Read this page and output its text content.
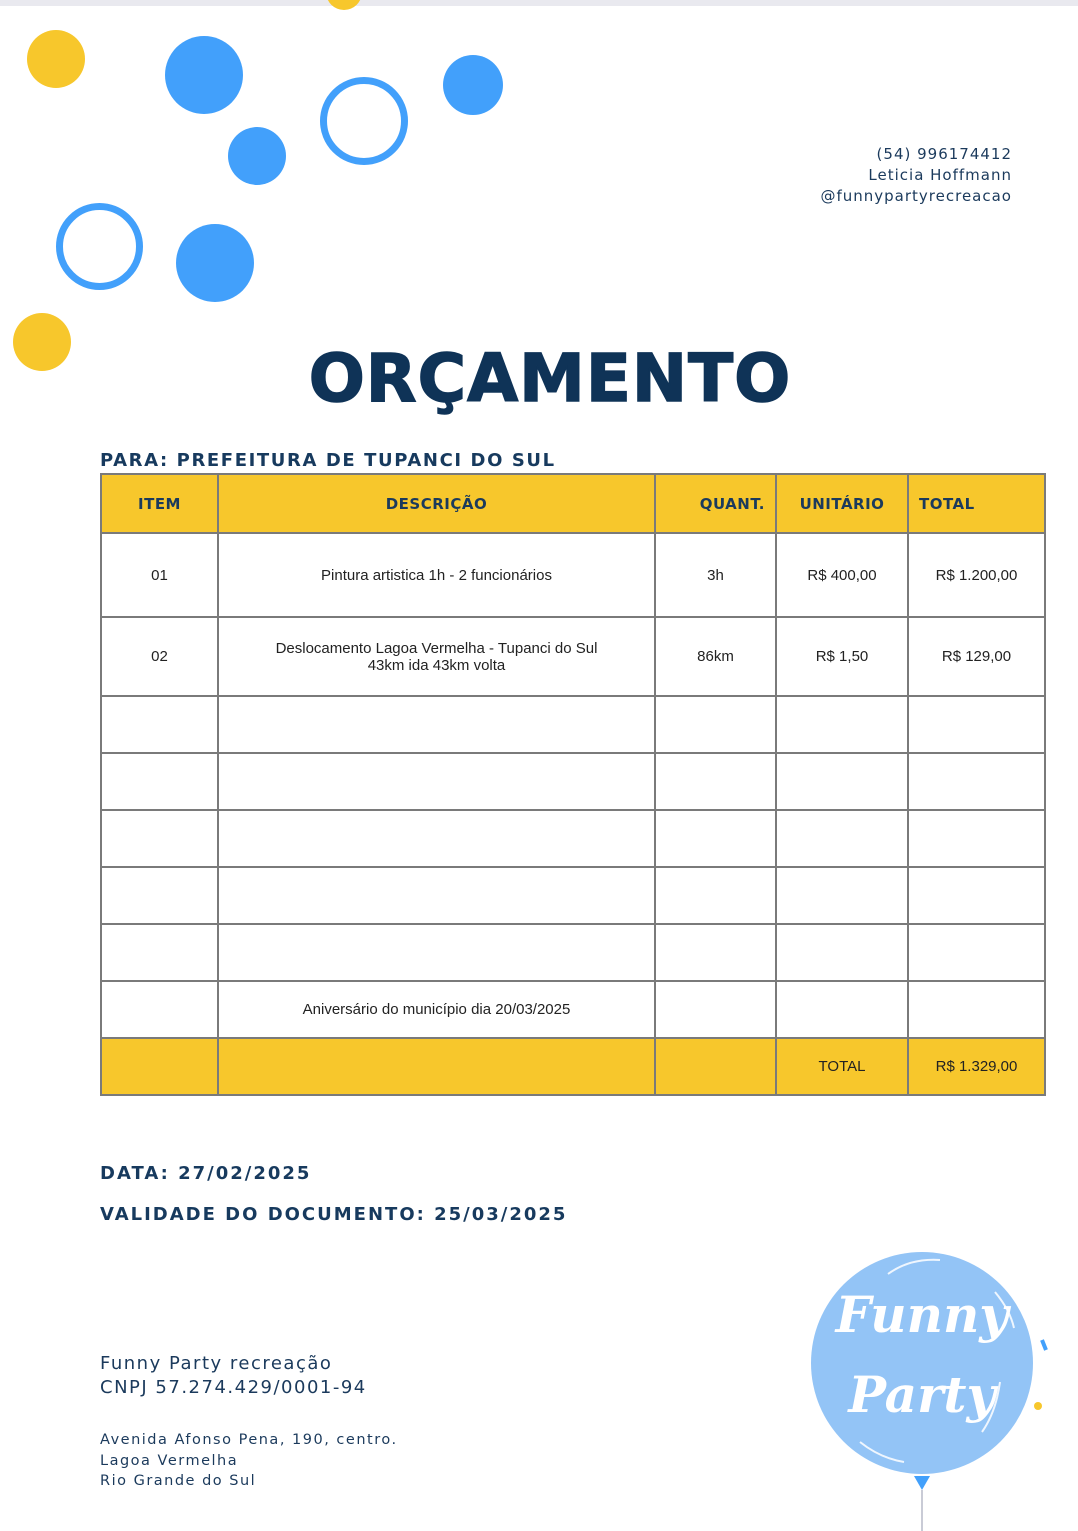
(54) 996174412
Leticia Hoffmann
@funnypartyrecreacao
ORÇAMENTO
PARA: PREFEITURA DE TUPANCI DO SUL
ITEM	DESCRIÇÃO	QUANT.	UNITÁRIO	TOTAL
01	Pintura artistica 1h - 2 funcionários	3h	R$ 400,00	R$ 1.200,00
02	Deslocamento Lagoa Vermelha - Tupanci do Sul
43km ida 43km volta	86km	R$ 1,50	R$ 129,00

	Aniversário do município dia 20/03/2025			
			TOTAL	R$ 1.329,00
DATA: 27/02/2025
VALIDADE DO DOCUMENTO: 25/03/2025
Funny Party recreação
CNPJ 57.274.429/0001-94
Avenida Afonso Pena, 190, centro.
Lagoa Vermelha
Rio Grande do Sul
Funny
Party
